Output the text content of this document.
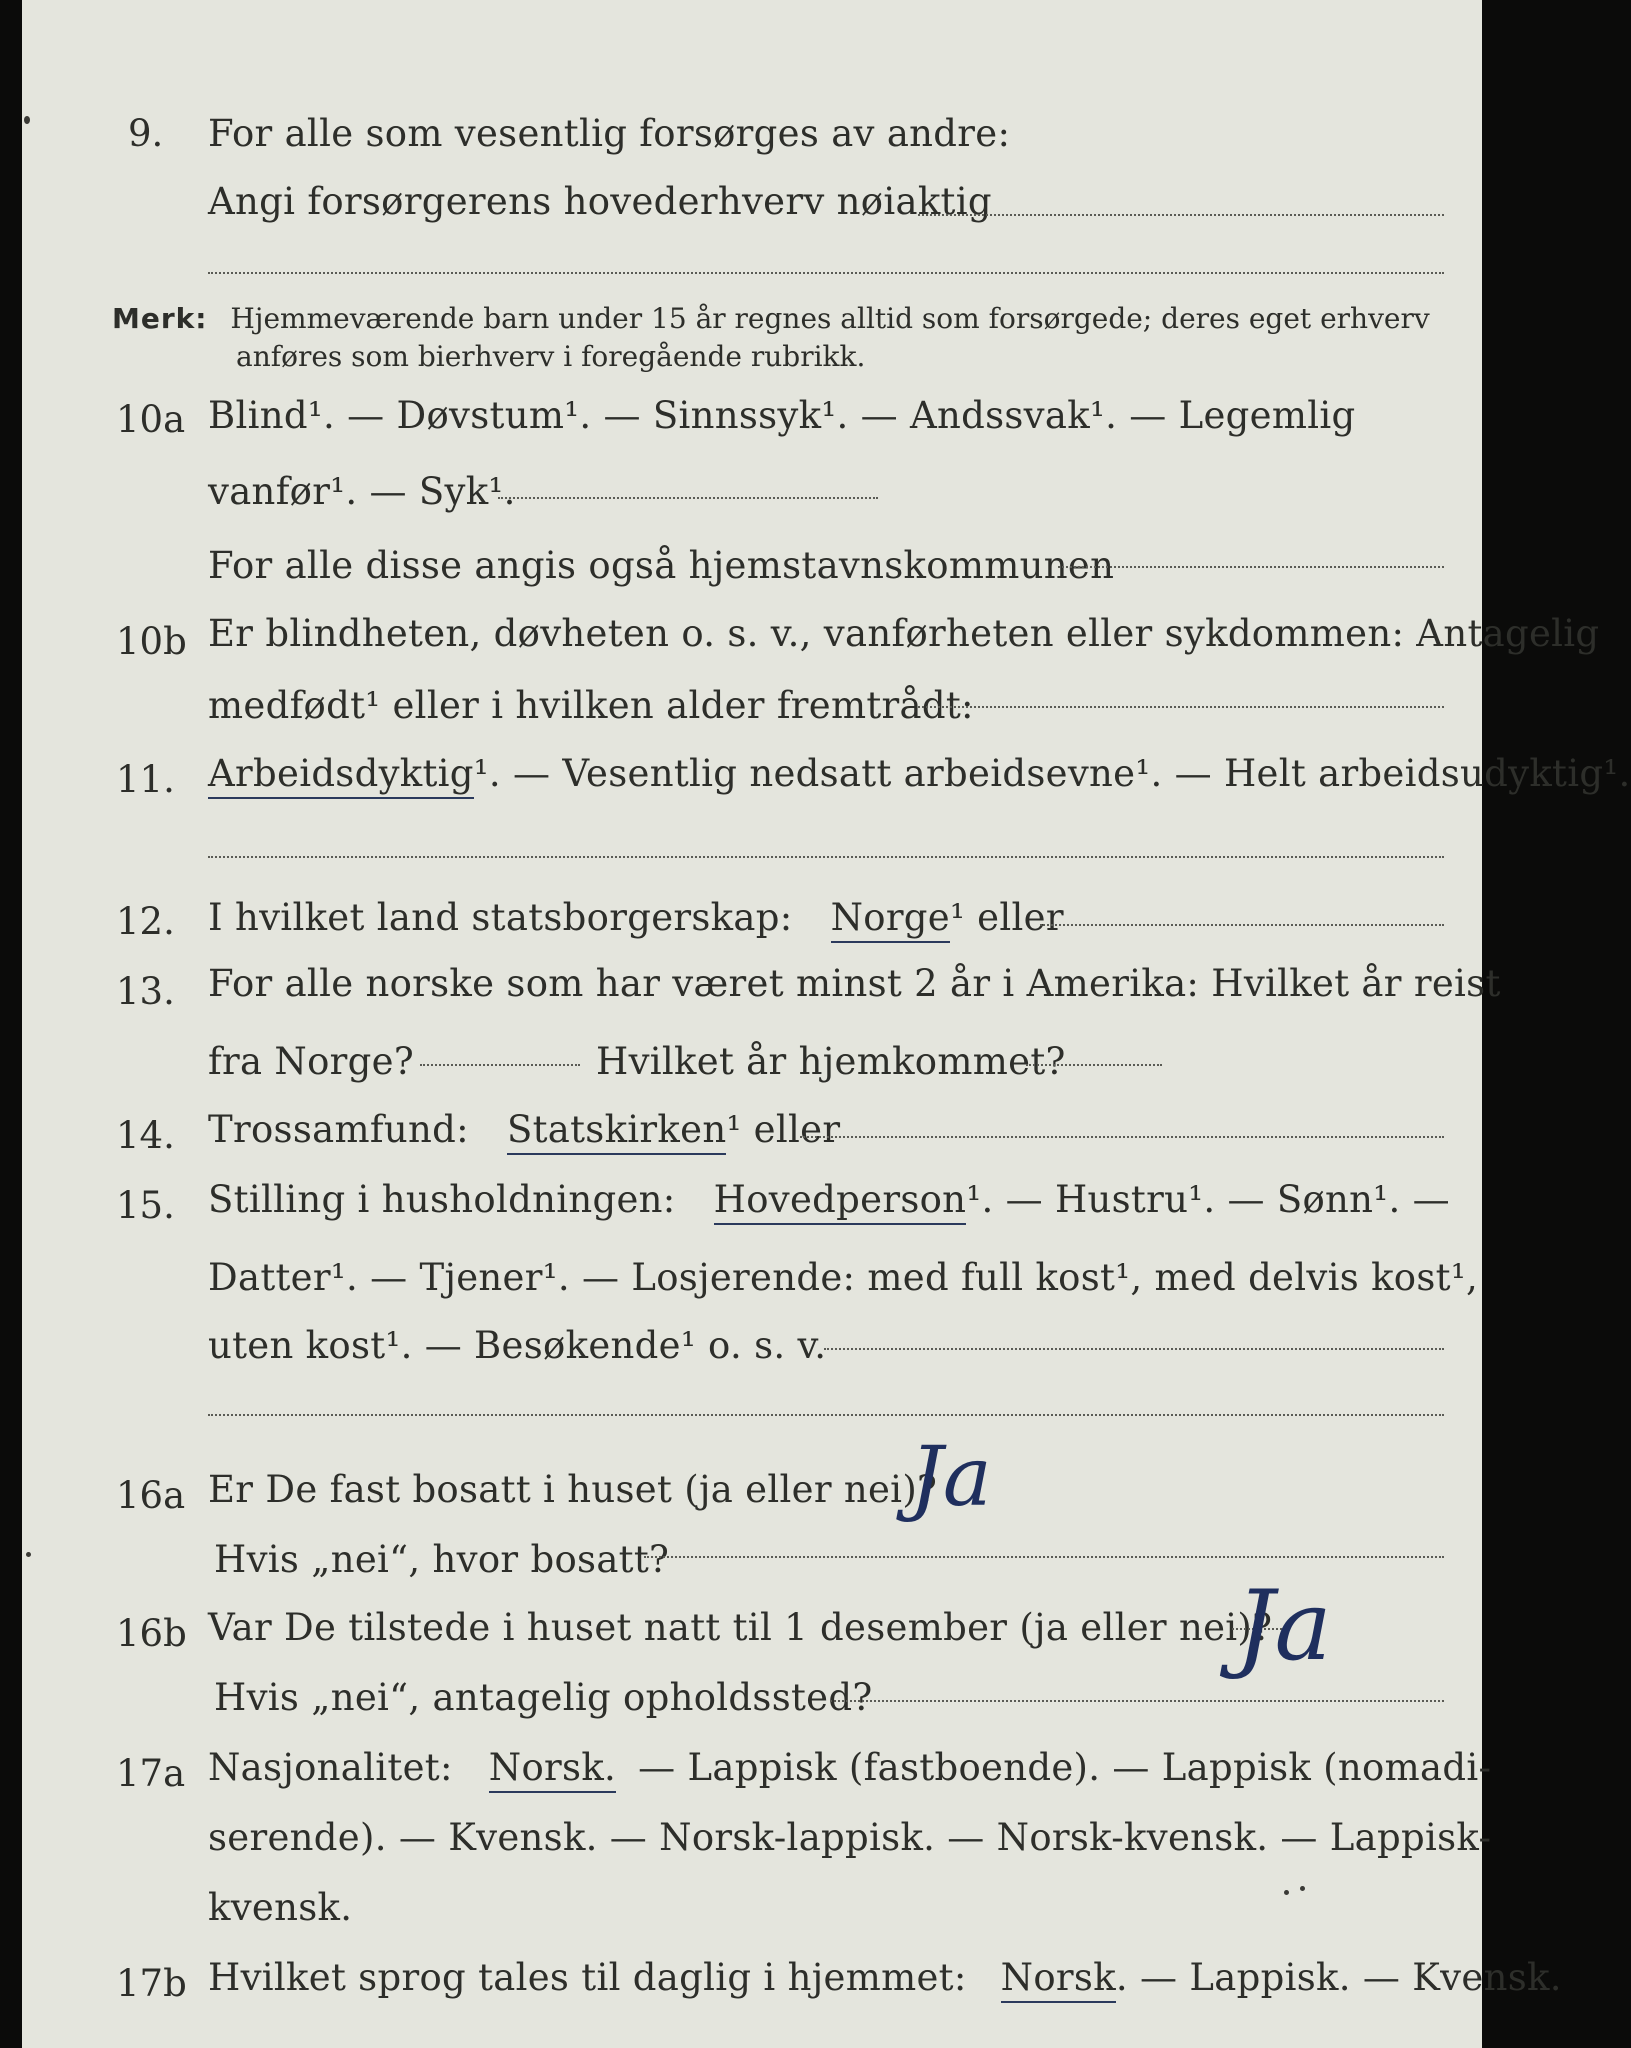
9. For alle som vesentlig forsørges av andre:
Angi forsørgerens hovederhverv nøiaktig
Merk: Hjemmeværende barn under 15 år regnes alltid som forsørgede; deres eget erhverv
anføres som bierhverv i foregående rubrikk.
10a Blind¹. — Døvstum¹. — Sinnssyk¹. — Andssvak¹. — Legemlig
vanfør¹. — Syk¹.
For alle disse angis også hjemstavnskommunen
10b Er blindheten, døvheten o. s. v., vanførheten eller sykdommen: Antagelig
medfødt¹ eller i hvilken alder fremtrådt:
11. Arbeidsdyktig¹. — Vesentlig nedsatt arbeidsevne¹. — Helt arbeidsudyktig¹.
12. I hvilket land statsborgerskap: Norge¹ eller
13. For alle norske som har været minst 2 år i Amerika: Hvilket år reist
fra Norge?	Hvilket år hjemkommet?
14. Trossamfund: Statskirken¹ eller
15. Stilling i husholdningen: Hovedperson¹. — Hustru¹. — Sønn¹. —
Datter¹. — Tjener¹. — Losjerende: med full kost¹, med delvis kost¹,
uten kost¹. — Besøkende¹ o. s. v.
16a Er De fast bosatt i huset (ja eller nei)?
Ja
Hvis „nei“, hvor bosatt?
16b Var De tilstede i huset natt til 1 desember (ja eller nei)?
Ja
Hvis „nei“, antagelig opholdssted?
17a Nasjonalitet: Norsk. — Lappisk (fastboende). — Lappisk (nomadi-
serende). — Kvensk. — Norsk-lappisk. — Norsk-kvensk. — Lappisk-
kvensk.
17b Hvilket sprog tales til daglig i hjemmet: Norsk. — Lappisk. — Kvensk.
